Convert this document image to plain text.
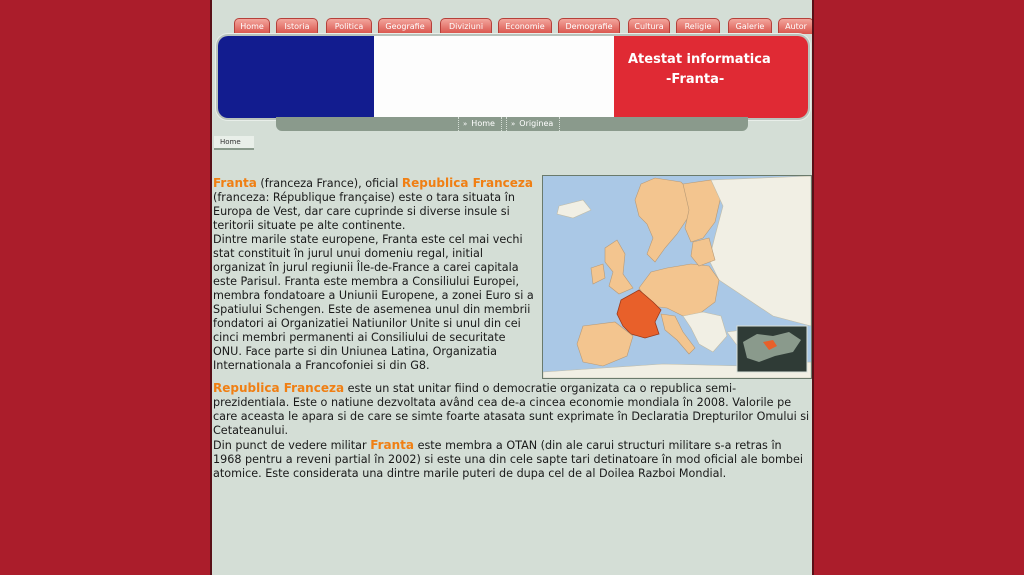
Home	Istoria	Politica	Geografie	Diviziuni	Economie	Demografie	Cultura	Religie	Galerie	Autor
Atestat informatica
-Franta-
» Home	» Originea
Home
Franta (franceza France), oficial Republica Franceza (franceza: République française) este o tara situata în Europa de Vest, dar care cuprinde si diverse insule si teritorii situate pe alte continente.
Dintre marile state europene, Franta este cel mai vechi stat constituit în jurul unui domeniu regal, initial organizat în jurul regiunii Île-de-France a carei capitala este Parisul. Franta este membra a Consiliului Europei, membra fondatoare a Uniunii Europene, a zonei Euro si a Spatiului Schengen. Este de asemenea unul din membrii fondatori ai Organizatiei Natiunilor Unite si unul din cei cinci membri permanenti ai Consiliului de securitate ONU. Face parte si din Uniunea Latina, Organizatia Internationala a Francofoniei si din G8.
Republica Franceza este un stat unitar fiind o democratie organizata ca o republica semi-prezidentiala. Este o natiune dezvoltata având cea de-a cincea economie mondiala în 2008. Valorile pe care aceasta le apara si de care se simte foarte atasata sunt exprimate în Declaratia Drepturilor Omului si Cetateanului.
Din punct de vedere militar Franta este membra a OTAN (din ale carui structuri militare s-a retras în 1968 pentru a reveni partial în 2002) si este una din cele sapte tari detinatoare în mod oficial ale bombei atomice. Este considerata una dintre marile puteri de dupa cel de al Doilea Razboi Mondial.
